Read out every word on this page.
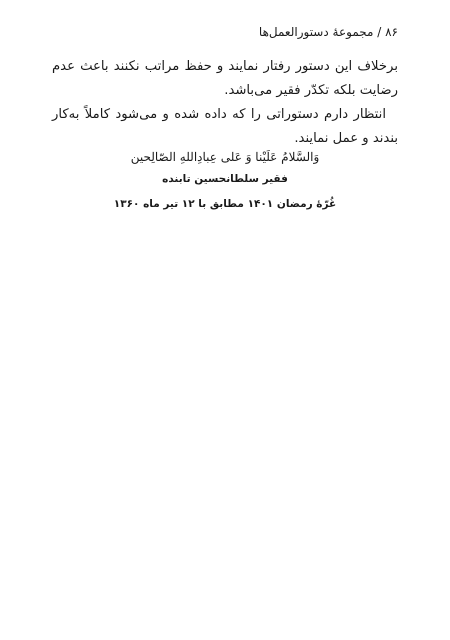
۸۶ / مجموعهٔ دستورالعمل‌ها

برخلاف این دستور رفتار نمایند و حفظ مراتب نکنند باعث عدم رضایت بلکه تکدّر فقیر می‌باشد.

انتظار دارم دستوراتی را که داده شده و می‌شود کاملاً به‌کار بندند و عمل نمایند.

وَالسَّلامُ عَلَیْنا وَ عَلی عِبادِاللهِ الصّالِحین
فقیر سلطانحسین تابنده
غُرّهٔ رمضان ۱۴۰۱ مطابق با ۱۲ تیر ماه ۱۳۶۰
